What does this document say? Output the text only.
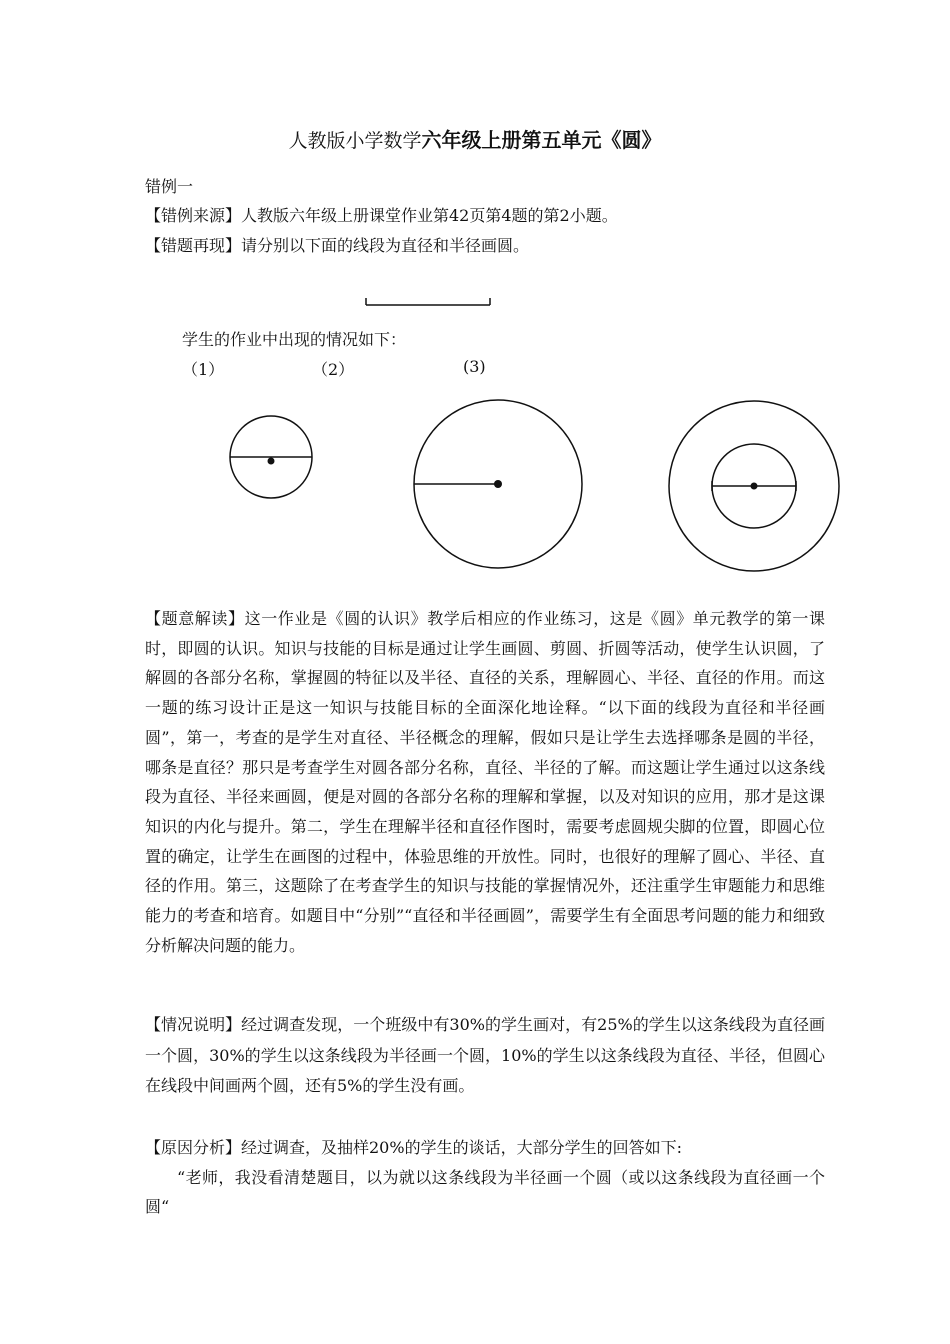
人教版小学数学六年级上册第五单元《圆》
错例一
【错例来源】人教版六年级上册课堂作业第42页第4题的第2小题。
【错题再现】请分别以下面的线段为直径和半径画圆。
学生的作业中出现的情况如下：
（1）	（2）	(3)

【题意解读】这一作业是《圆的认识》教学后相应的作业练习，这是《圆》单元教学的第一课时，即圆的认识。知识与技能的目标是通过让学生画圆、剪圆、折圆等活动，使学生认识圆，了解圆的各部分名称，掌握圆的特征以及半径、直径的关系，理解圆心、半径、直径的作用。而这一题的练习设计正是这一知识与技能目标的全面深化地诠释。“以下面的线段为直径和半径画圆”，第一，考查的是学生对直径、半径概念的理解，假如只是让学生去选择哪条是圆的半径，哪条是直径？那只是考查学生对圆各部分名称，直径、半径的了解。而这题让学生通过以这条线段为直径、半径来画圆，便是对圆的各部分名称的理解和掌握，以及对知识的应用，那才是这课知识的内化与提升。第二，学生在理解半径和直径作图时，需要考虑圆规尖脚的位置，即圆心位置的确定，让学生在画图的过程中，体验思维的开放性。同时，也很好的理解了圆心、半径、直径的作用。第三，这题除了在考查学生的知识与技能的掌握情况外，还注重学生审题能力和思维能力的考查和培育。如题目中“分别”“直径和半径画圆”，需要学生有全面思考问题的能力和细致分析解决问题的能力。

【情况说明】经过调查发现，一个班级中有30%的学生画对，有25%的学生以这条线段为直径画一个圆，30%的学生以这条线段为半径画一个圆，10%的学生以这条线段为直径、半径，但圆心在线段中间画两个圆，还有5%的学生没有画。

【原因分析】经过调查，及抽样20%的学生的谈话，大部分学生的回答如下:

“老师，我没看清楚题目，以为就以这条线段为半径画一个圆（或以这条线段为直径画一个圆“
